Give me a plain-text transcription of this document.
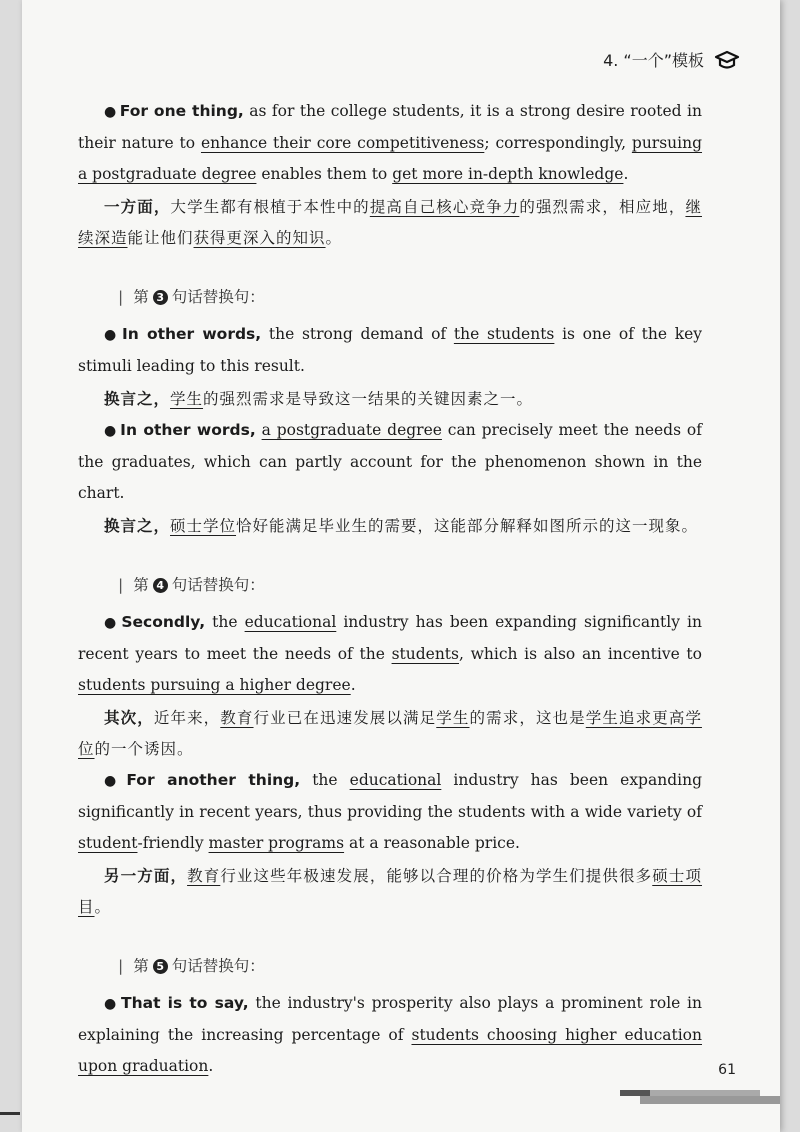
4. “一个”模板

● For one thing, as for the college students, it is a strong desire rooted in their nature to enhance their core competitiveness; correspondingly, pursuing a postgraduate degree enables them to get more in-depth knowledge.

一方面，大学生都有根植于本性中的提高自己核心竞争力的强烈需求，相应地，继续深造能让他们获得更深入的知识。

| 第 3 句话替换句：

● In other words, the strong demand of the students is one of the key stimuli leading to this result.

换言之，学生的强烈需求是导致这一结果的关键因素之一。

● In other words, a postgraduate degree can precisely meet the needs of the graduates, which can partly account for the phenomenon shown in the chart.

换言之，硕士学位恰好能满足毕业生的需要，这能部分解释如图所示的这一现象。

| 第 4 句话替换句：

● Secondly, the educational industry has been expanding significantly in recent years to meet the needs of the students, which is also an incentive to students pursuing a higher degree.

其次，近年来，教育行业已在迅速发展以满足学生的需求，这也是学生追求更高学位的一个诱因。

● For another thing, the educational industry has been expanding significantly in recent years, thus providing the students with a wide variety of student-friendly master programs at a reasonable price.

另一方面，教育行业这些年极速发展，能够以合理的价格为学生们提供很多硕士项目。

| 第 5 句话替换句：

● That is to say, the industry's prosperity also plays a prominent role in explaining the increasing percentage of students choosing higher education upon graduation.	61
